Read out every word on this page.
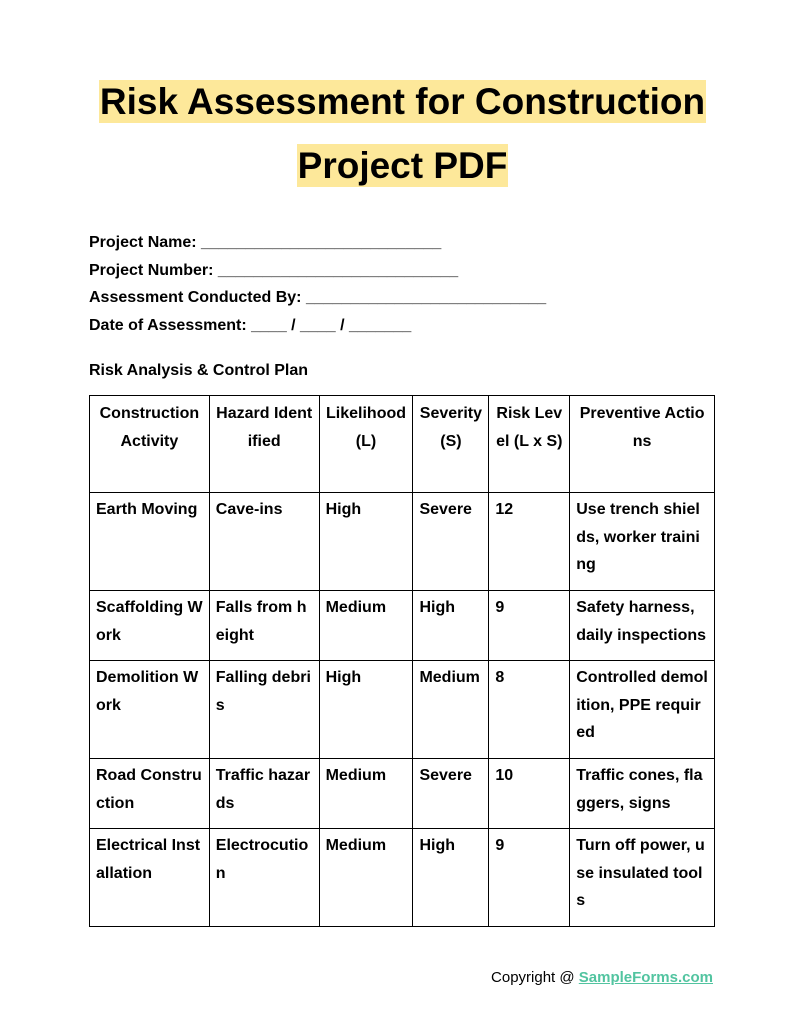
Risk Assessment for Construction
Project PDF
Project Name: ___________________________
Project Number: ___________________________
Assessment Conducted By: ___________________________
Date of Assessment: ____ / ____ / _______
Risk Analysis & Control Plan
Construction Activity	Hazard Identified	Likelihood (L)	Severity (S)	Risk Level (L x S)	Preventive Actions
Earth Moving	Cave-ins	High	Severe	12	Use trench shields, worker training
Scaffolding Work	Falls from height	Medium	High	9	Safety harness, daily inspections
Demolition Work	Falling debris	High	Medium	8	Controlled demolition, PPE required
Road Construction	Traffic hazards	Medium	Severe	10	Traffic cones, flaggers, signs
Electrical Installation	Electrocution	Medium	High	9	Turn off power, use insulated tools
Copyright @ SampleForms.com
